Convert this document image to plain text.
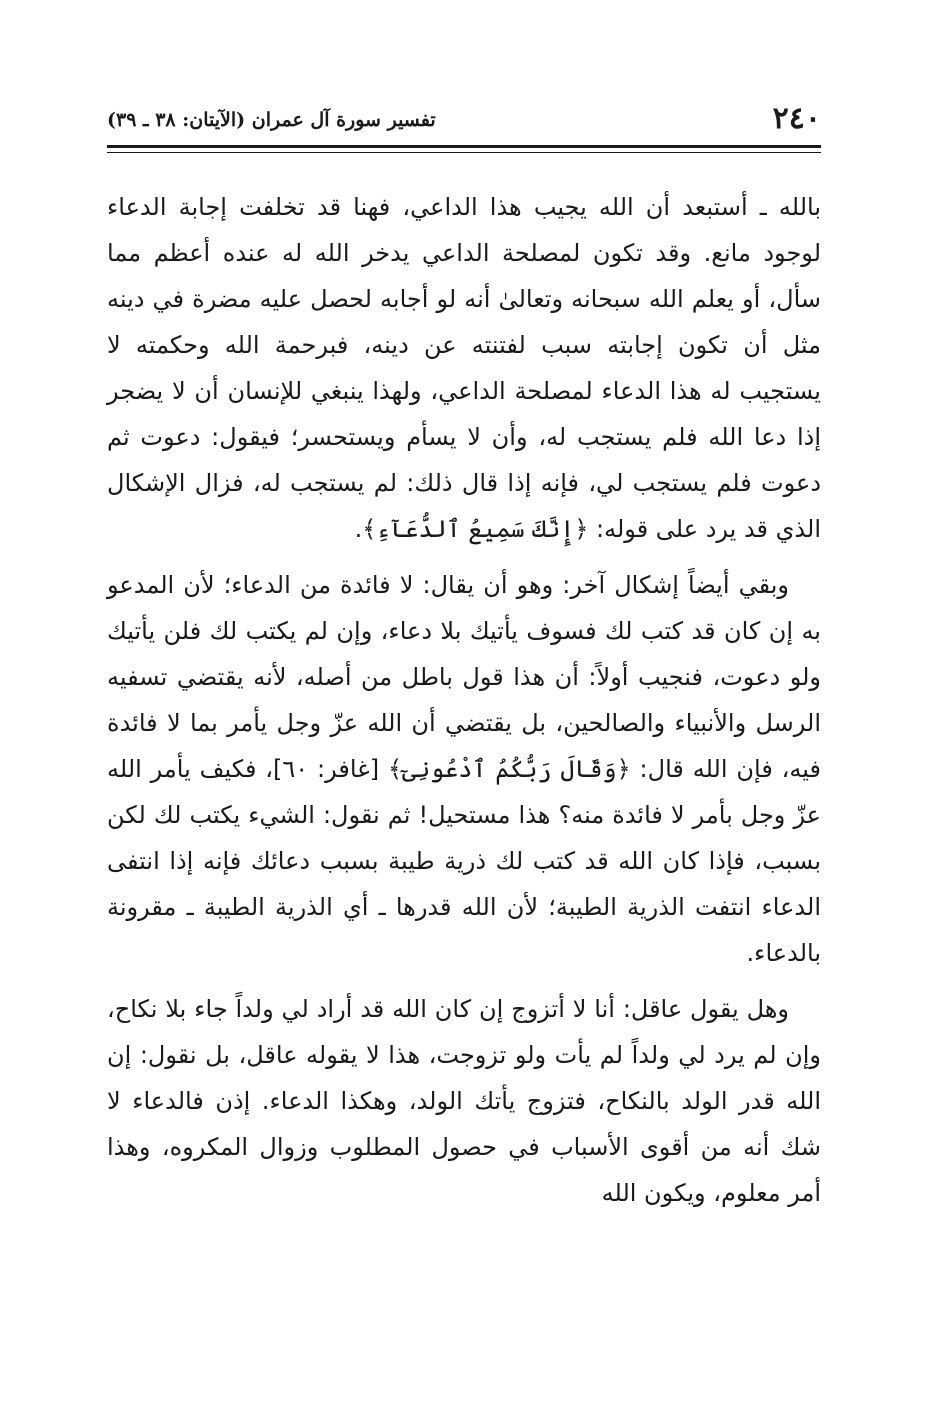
٢٤٠
تفسير سورة آل عمران (الآيتان: ٣٨ ـ ٣٩)

بالله ـ أستبعد أن الله يجيب هذا الداعي، فهنا قد تخلفت إجابة الدعاء لوجود مانع. وقد تكون لمصلحة الداعي يدخر الله له عنده أعظم مما سأل، أو يعلم الله سبحانه وتعالىٰ أنه لو أجابه لحصل عليه مضرة في دينه مثل أن تكون إجابته سبب لفتنته عن دينه، فبرحمة الله وحكمته لا يستجيب له هذا الدعاء لمصلحة الداعي، ولهذا ينبغي للإنسان أن لا يضجر إذا دعا الله فلم يستجب له، وأن لا يسأم ويستحسر؛ فيقول: دعوت ثم دعوت فلم يستجب لي، فإنه إذا قال ذلك: لم يستجب له، فزال الإشكال الذي قد يرد على قوله: ﴿إِنَّكَ سَمِيعُ ٱلدُّعَآءِ﴾.

وبقي أيضاً إشكال آخر: وهو أن يقال: لا فائدة من الدعاء؛ لأن المدعو به إن كان قد كتب لك فسوف يأتيك بلا دعاء، وإن لم يكتب لك فلن يأتيك ولو دعوت، فنجيب أولاً: أن هذا قول باطل من أصله، لأنه يقتضي تسفيه الرسل والأنبياء والصالحين، بل يقتضي أن الله عزّ وجل يأمر بما لا فائدة فيه، فإن الله قال: ﴿وَقَالَ رَبُّكُمُ ٱدْعُونِىٓ﴾ [غافر: ٦٠]، فكيف يأمر الله عزّ وجل بأمر لا فائدة منه؟ هذا مستحيل! ثم نقول: الشيء يكتب لك لكن بسبب، فإذا كان الله قد كتب لك ذرية طيبة بسبب دعائك فإنه إذا انتفى الدعاء انتفت الذرية الطيبة؛ لأن الله قدرها ـ أي الذرية الطيبة ـ مقرونة بالدعاء.

وهل يقول عاقل: أنا لا أتزوج إن كان الله قد أراد لي ولداً جاء بلا نكاح، وإن لم يرد لي ولداً لم يأت ولو تزوجت، هذا لا يقوله عاقل، بل نقول: إن الله قدر الولد بالنكاح، فتزوج يأتك الولد، وهكذا الدعاء. إذن فالدعاء لا شك أنه من أقوى الأسباب في حصول المطلوب وزوال المكروه، وهذا أمر معلوم، ويكون الله
